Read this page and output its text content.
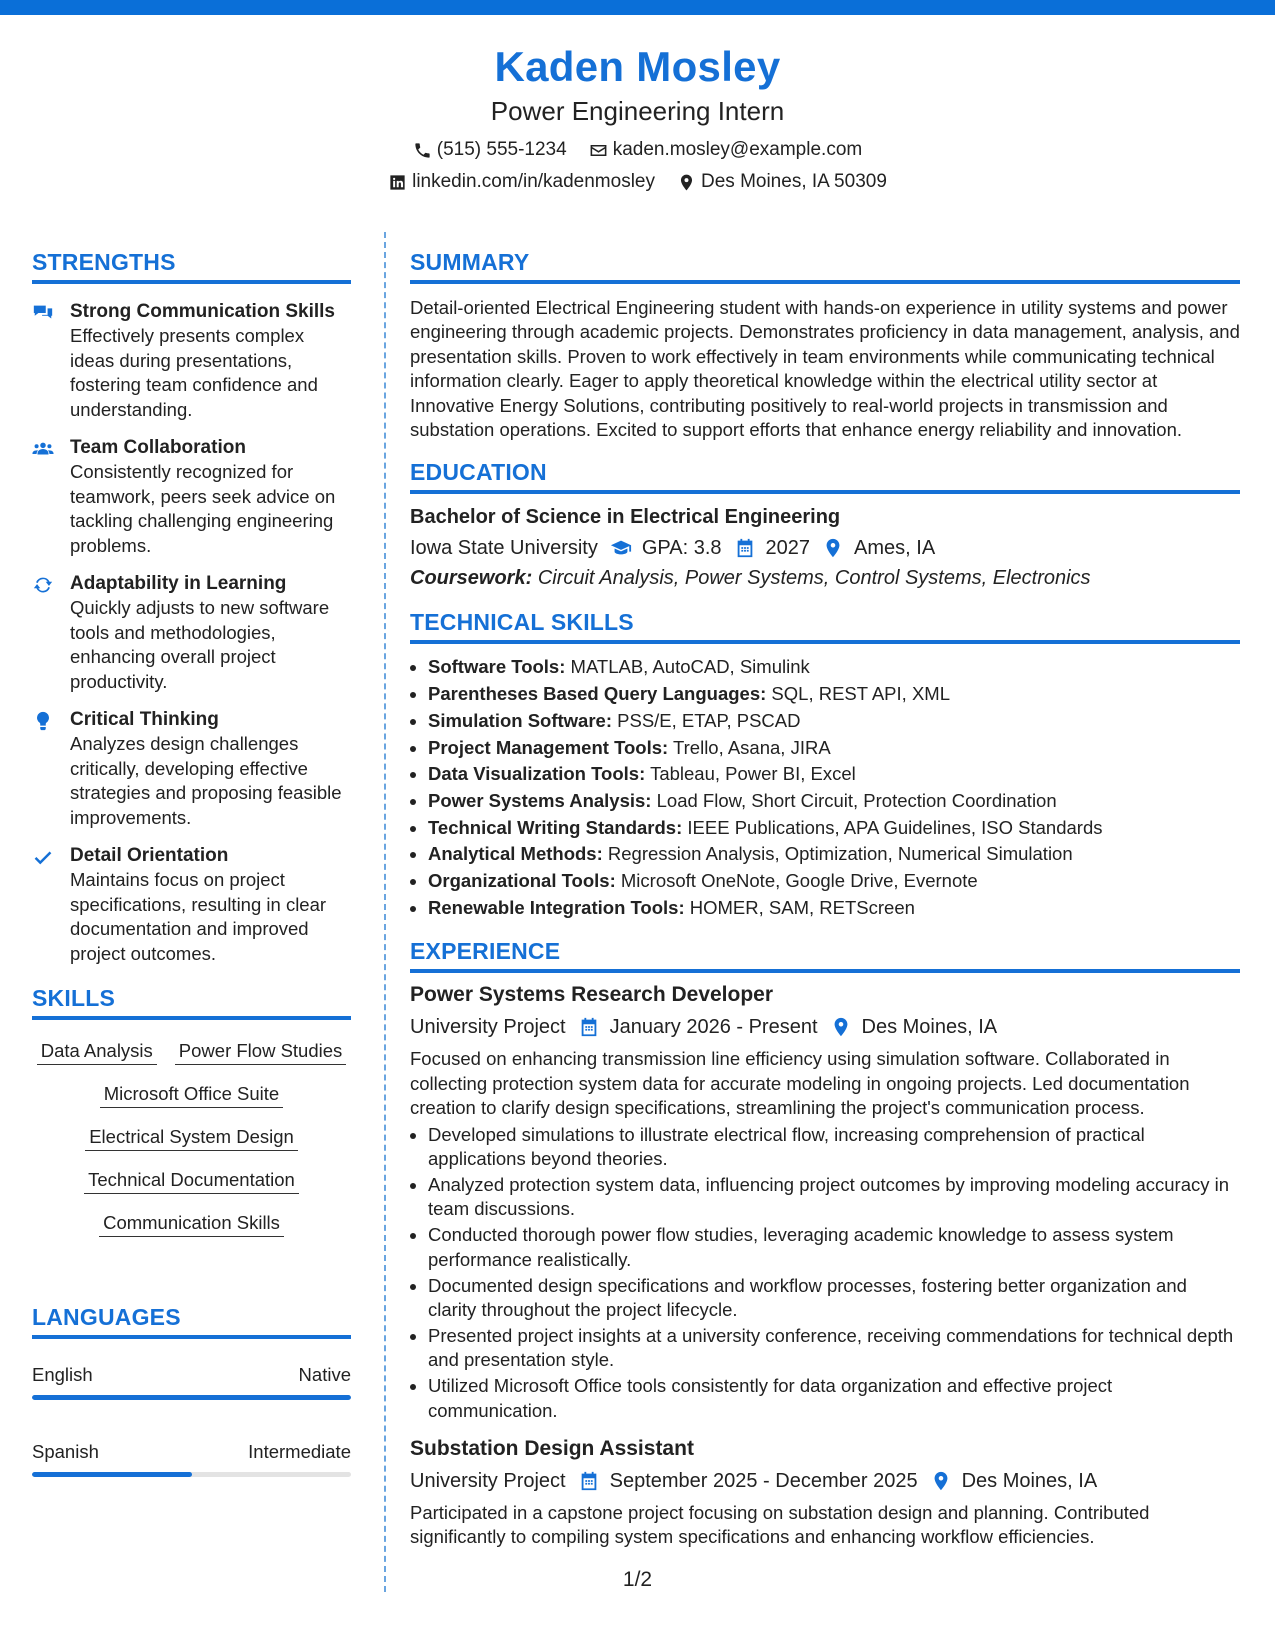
Kaden Mosley
Power Engineering Intern
(515) 555-1234 kaden.mosley@example.com
linkedin.com/in/kadenmosley Des Moines, IA 50309
STRENGTHS
Strong Communication Skills
Effectively presents complex ideas during presentations, fostering team confidence and understanding.
Team Collaboration
Consistently recognized for teamwork, peers seek advice on tackling challenging engineering problems.
Adaptability in Learning
Quickly adjusts to new software tools and methodologies, enhancing overall project productivity.
Critical Thinking
Analyzes design challenges critically, developing effective strategies and proposing feasible improvements.
Detail Orientation
Maintains focus on project specifications, resulting in clear documentation and improved project outcomes.
SKILLS
Data Analysis Power Flow Studies
Microsoft Office Suite
Electrical System Design
Technical Documentation
Communication Skills
LANGUAGES
English	Native
Spanish	Intermediate
SUMMARY
Detail-oriented Electrical Engineering student with hands-on experience in utility systems and power engineering through academic projects. Demonstrates proficiency in data management, analysis, and presentation skills. Proven to work effectively in team environments while communicating technical information clearly. Eager to apply theoretical knowledge within the electrical utility sector at Innovative Energy Solutions, contributing positively to real-world projects in transmission and substation operations. Excited to support efforts that enhance energy reliability and innovation.
EDUCATION
Bachelor of Science in Electrical Engineering
Iowa State University GPA: 3.8 2027 Ames, IA
Coursework: Circuit Analysis, Power Systems, Control Systems, Electronics
TECHNICAL SKILLS
Software Tools: MATLAB, AutoCAD, Simulink
Parentheses Based Query Languages: SQL, REST API, XML
Simulation Software: PSS/E, ETAP, PSCAD
Project Management Tools: Trello, Asana, JIRA
Data Visualization Tools: Tableau, Power BI, Excel
Power Systems Analysis: Load Flow, Short Circuit, Protection Coordination
Technical Writing Standards: IEEE Publications, APA Guidelines, ISO Standards
Analytical Methods: Regression Analysis, Optimization, Numerical Simulation
Organizational Tools: Microsoft OneNote, Google Drive, Evernote
Renewable Integration Tools: HOMER, SAM, RETScreen
EXPERIENCE
Power Systems Research Developer
University Project January 2026 - Present Des Moines, IA
Focused on enhancing transmission line efficiency using simulation software. Collaborated in collecting protection system data for accurate modeling in ongoing projects. Led documentation creation to clarify design specifications, streamlining the project's communication process.
Developed simulations to illustrate electrical flow, increasing comprehension of practical applications beyond theories.
Analyzed protection system data, influencing project outcomes by improving modeling accuracy in team discussions.
Conducted thorough power flow studies, leveraging academic knowledge to assess system performance realistically.
Documented design specifications and workflow processes, fostering better organization and clarity throughout the project lifecycle.
Presented project insights at a university conference, receiving commendations for technical depth and presentation style.
Utilized Microsoft Office tools consistently for data organization and effective project communication.
Substation Design Assistant
University Project September 2025 - December 2025 Des Moines, IA
Participated in a capstone project focusing on substation design and planning. Contributed significantly to compiling system specifications and enhancing workflow efficiencies.
1/2
